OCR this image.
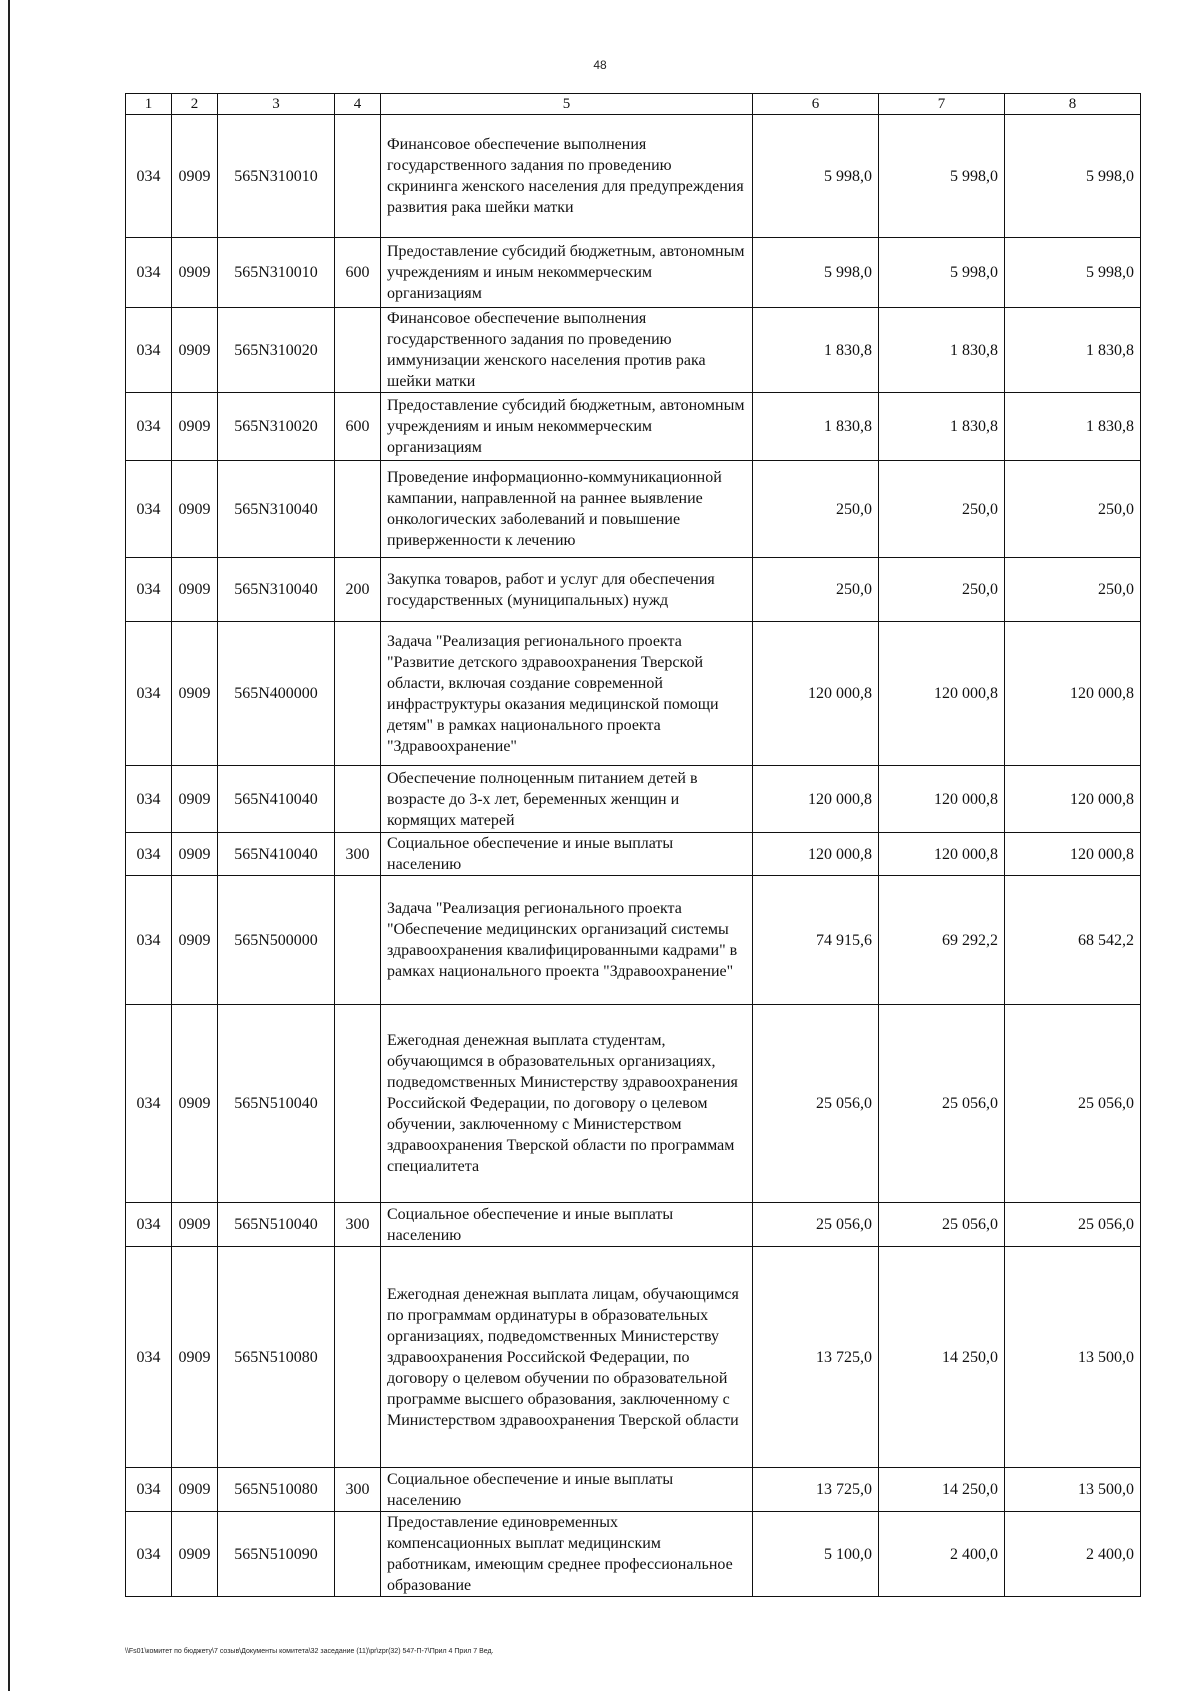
48
1	2	3	4	5	6	7	8
034	0909	565N310010		Финансовое обеспечение выполнения государственного задания по проведению скрининга женского населения для предупреждения развития рака шейки матки	5 998,0	5 998,0	5 998,0
034	0909	565N310010	600	Предоставление субсидий бюджетным, автономным учреждениям и иным некоммерческим организациям	5 998,0	5 998,0	5 998,0
034	0909	565N310020		Финансовое обеспечение выполнения государственного задания по проведению иммунизации женского населения против рака шейки матки	1 830,8	1 830,8	1 830,8
034	0909	565N310020	600	Предоставление субсидий бюджетным, автономным учреждениям и иным некоммерческим организациям	1 830,8	1 830,8	1 830,8
034	0909	565N310040		Проведение информационно-коммуникационной кампании, направленной на раннее выявление онкологических заболеваний и повышение приверженности к лечению	250,0	250,0	250,0
034	0909	565N310040	200	Закупка товаров, работ и услуг для обеспечения государственных (муниципальных) нужд	250,0	250,0	250,0
034	0909	565N400000		Задача "Реализация регионального проекта "Развитие детского здравоохранения Тверской области, включая создание современной инфраструктуры оказания медицинской помощи детям" в рамках национального проекта "Здравоохранение"	120 000,8	120 000,8	120 000,8
034	0909	565N410040		Обеспечение полноценным питанием детей в возрасте до 3-х лет, беременных женщин и кормящих матерей	120 000,8	120 000,8	120 000,8
034	0909	565N410040	300	Социальное обеспечение и иные выплаты населению	120 000,8	120 000,8	120 000,8
034	0909	565N500000		Задача "Реализация регионального проекта "Обеспечение медицинских организаций системы здравоохранения квалифицированными кадрами" в рамках национального проекта "Здравоохранение"	74 915,6	69 292,2	68 542,2
034	0909	565N510040		Ежегодная денежная выплата студентам, обучающимся в образовательных организациях, подведомственных Министерству здравоохранения Российской Федерации, по договору о целевом обучении, заключенному с Министерством здравоохранения Тверской области по программам специалитета	25 056,0	25 056,0	25 056,0
034	0909	565N510040	300	Социальное обеспечение и иные выплаты населению	25 056,0	25 056,0	25 056,0
034	0909	565N510080		Ежегодная денежная выплата лицам, обучающимся по программам ординатуры в образовательных организациях, подведомственных Министерству здравоохранения Российской Федерации, по договору о целевом обучении по образовательной программе высшего образования, заключенному с Министерством здравоохранения Тверской области	13 725,0	14 250,0	13 500,0
034	0909	565N510080	300	Социальное обеспечение и иные выплаты населению	13 725,0	14 250,0	13 500,0
034	0909	565N510090		Предоставление единовременных компенсационных выплат медицинским работникам, имеющим среднее профессиональное образование	5 100,0	2 400,0	2 400,0
\\Fs01\комитет по бюджету\7 созыв\Документы комитета\32 заседание (11)\pr\zpr(32) 547-П-7\Прил 4 Прил 7 Вед.
